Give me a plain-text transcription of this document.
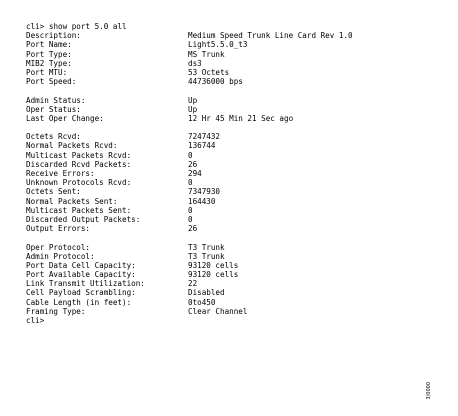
cli> show port 5.0 all
Description:	Medium Speed Trunk Line Card Rev 1.0
Port Name:	Light5.5.0_t3
Port Type:	MS Trunk
MIB2 Type:	ds3
Port MTU:	53 Octets
Port Speed:	44736000 bps
Admin Status:	Up
Oper Status:	Up
Last Oper Change:	12 Hr 45 Min 21 Sec ago
Octets Rcvd:	7247432
Normal Packets Rcvd:	136744
Multicast Packets Rcvd:	0
Discarded Rcvd Packets:	26
Receive Errors:	294
Unknown Protocols Rcvd:	0
Octets Sent:	7347930
Normal Packets Sent:	164430
Multicast Packets Sent:	0
Discarded Output Packets:	0
Output Errors:	26
Oper Protocol:	T3 Trunk
Admin Protocol:	T3 Trunk
Port Data Cell Capacity:	93120 cells
Port Available Capacity:	93120 cells
Link Transmit Utilization:	22
Cell Payload Scrambling:	Disabled
Cable Length (in feet):	0to450
Framing Type:	Clear Channel
cli>
3/0000
